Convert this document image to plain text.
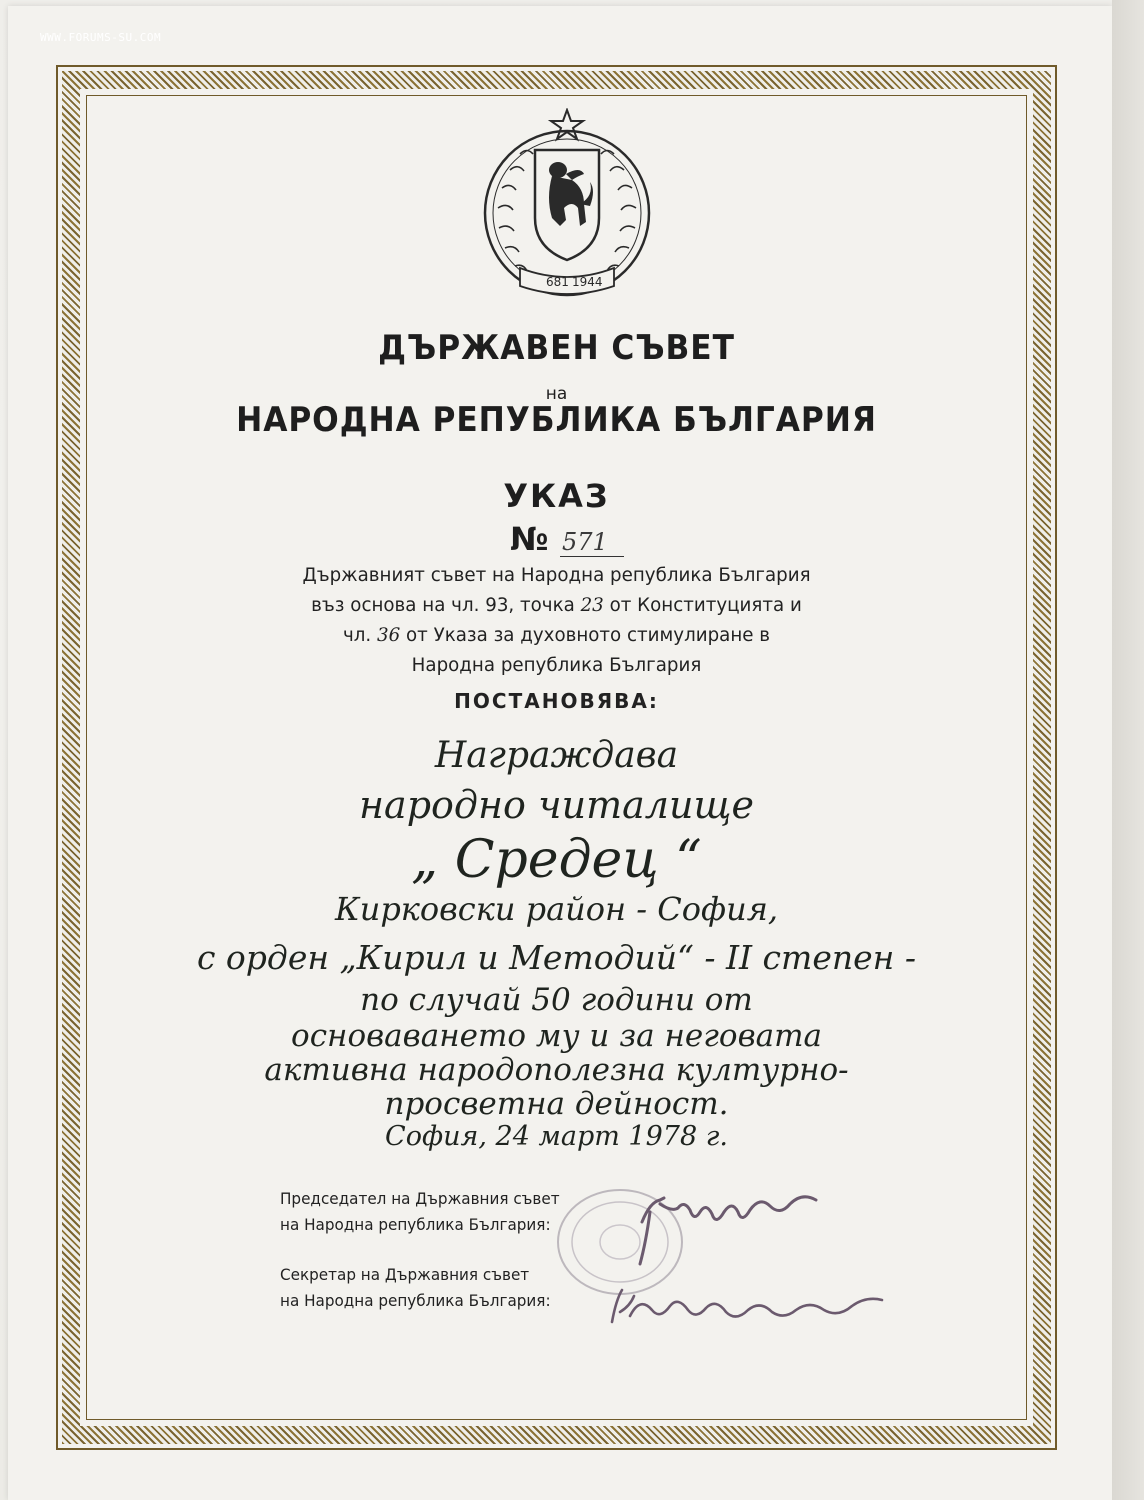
WWW.FORUMS-SU.COM
681 1944
ДЪРЖАВЕН СЪВЕТ
на
НАРОДНА РЕПУБЛИКА БЪЛГАРИЯ
УКАЗ
№ 571
Държавният съвет на Народна република България
въз основа на чл. 93, точка 23 от Конституцията и
чл. 36 от Указа за духовното стимулиране в
Народна република България
ПОСТАНОВЯВА:
Награждава
народно читалище
„ Средец “
Кирковски район - София,
с орден „Кирил и Методий“ - II степен -
по случай 50 години от
основаването му и за неговата
активна народополезна културно-
просветна дейност.
София, 24 март 1978 г.
Председател на Държавния съвет
на Народна република България:
Секретар на Държавния съвет
на Народна република България:
